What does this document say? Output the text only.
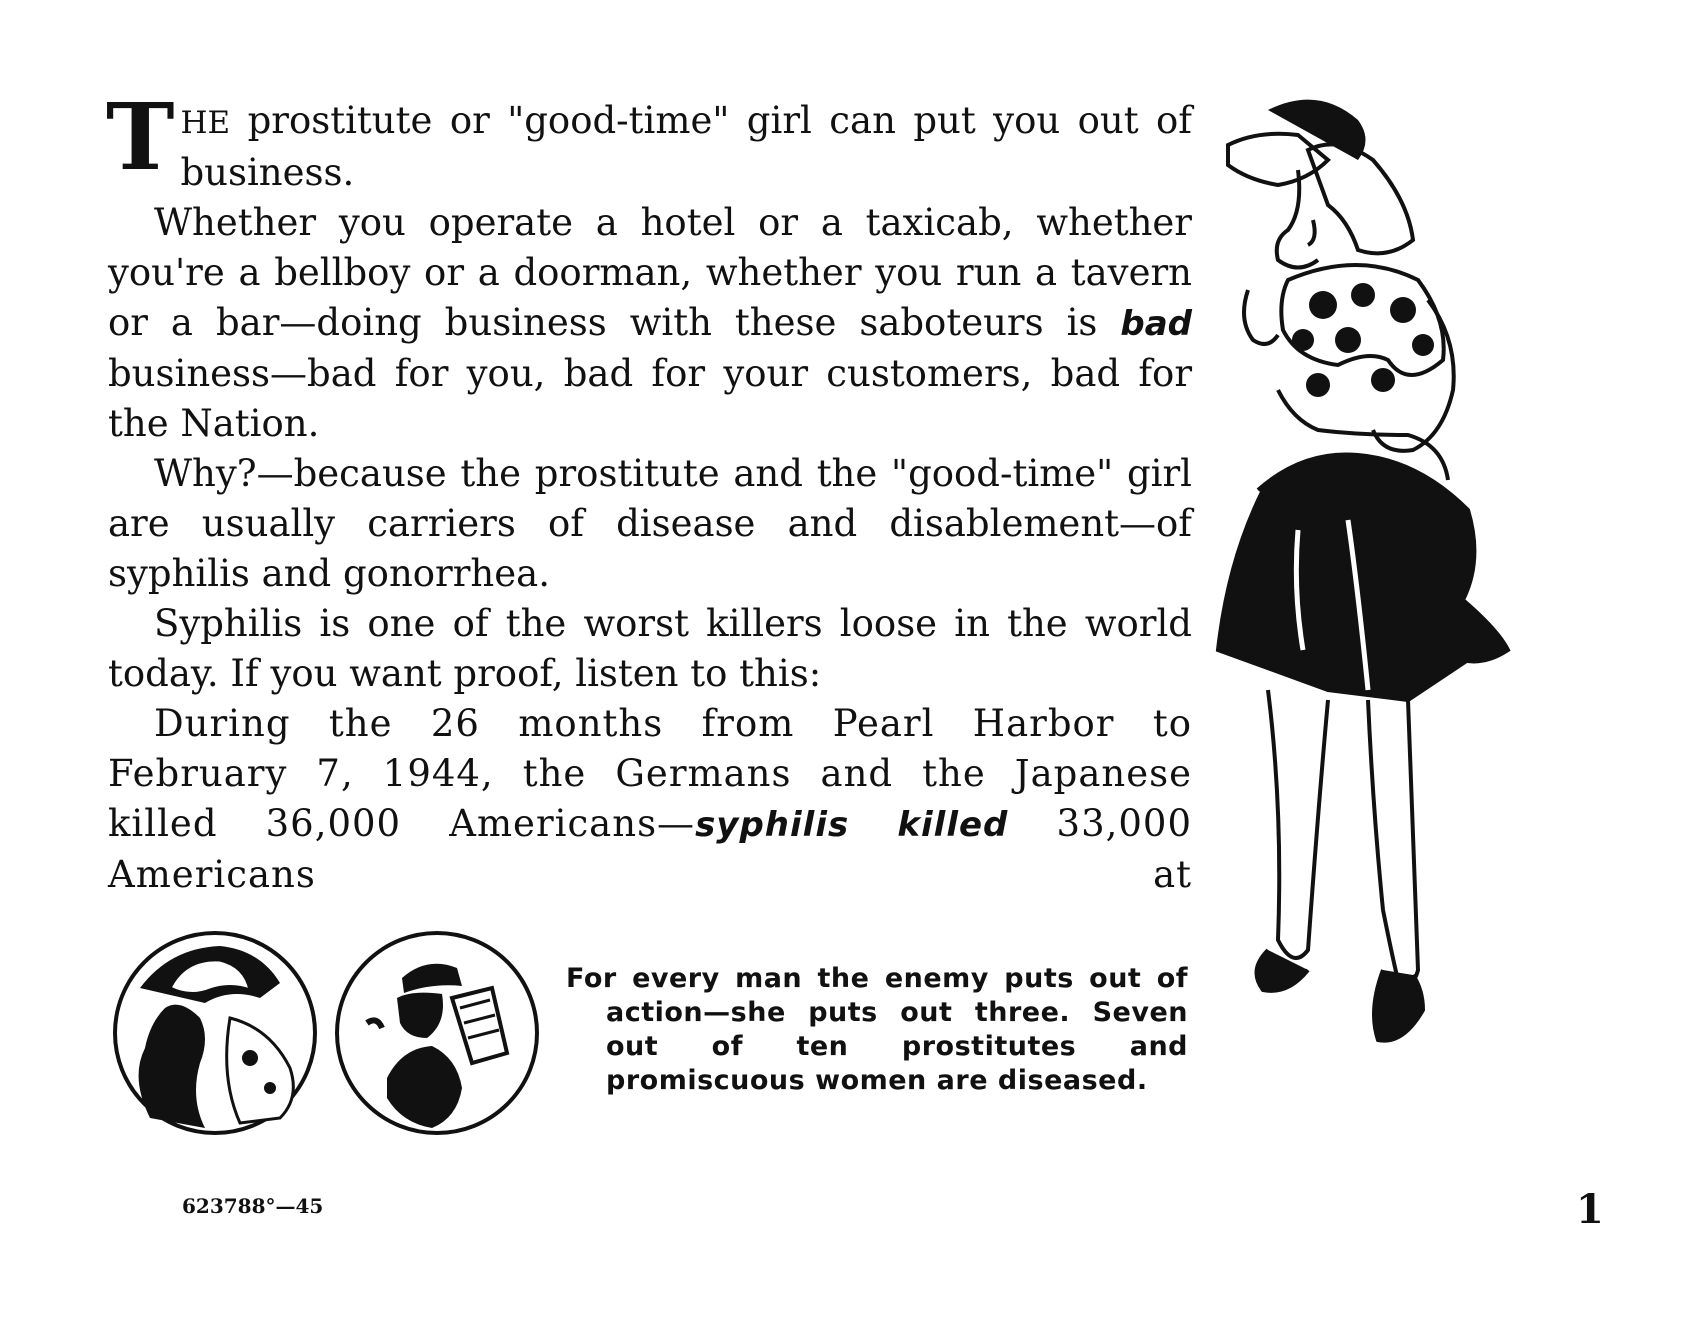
THE prostitute or "good-time" girl can put you out of business.

Whether you operate a hotel or a taxicab, whether you're a bellboy or a doorman, whether you run a tavern or a bar—doing business with these saboteurs is bad business—bad for you, bad for your customers, bad for the Nation.

Why?—because the prostitute and the "good-time" girl are usually carriers of disease and disablement—of syphilis and gonorrhea.

Syphilis is one of the worst killers loose in the world today. If you want proof, listen to this:

During the 26 months from Pearl Harbor to February 7, 1944, the Germans and the Japanese killed 36,000 Americans—syphilis killed 33,000 Americans at

For every man the enemy puts out of action—she puts out three. Seven out of ten prostitutes and promiscuous women are diseased.

623788°—45	1
